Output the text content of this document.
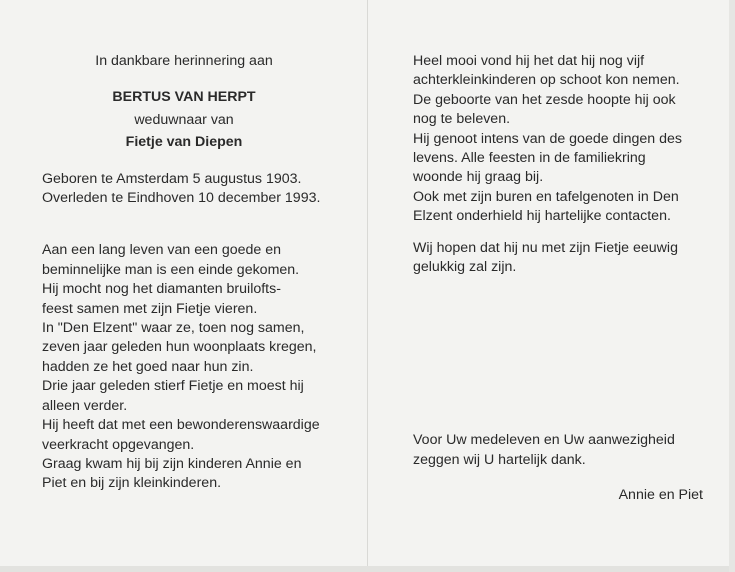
In dankbare herinnering aan
BERTUS VAN HERPT
weduwnaar van
Fietje van Diepen
Geboren te Amsterdam 5 augustus 1903.
Overleden te Eindhoven 10 december 1993.
Aan een lang leven van een goede en
beminnelijke man is een einde gekomen.
Hij mocht nog het diamanten bruilofts-
feest samen met zijn Fietje vieren.
In "Den Elzent" waar ze, toen nog samen,
zeven jaar geleden hun woonplaats kregen,
hadden ze het goed naar hun zin.
Drie jaar geleden stierf Fietje en moest hij
alleen verder.
Hij heeft dat met een bewonderenswaardige
veerkracht opgevangen.
Graag kwam hij bij zijn kinderen Annie en
Piet en bij zijn kleinkinderen.
Heel mooi vond hij het dat hij nog vijf
achterkleinkinderen op schoot kon nemen.
De geboorte van het zesde hoopte hij ook
nog te beleven.
Hij genoot intens van de goede dingen des
levens. Alle feesten in de familiekring
woonde hij graag bij.
Ook met zijn buren en tafelgenoten in Den
Elzent onderhield hij hartelijke contacten.
Wij hopen dat hij nu met zijn Fietje eeuwig
gelukkig zal zijn.
Voor Uw medeleven en Uw aanwezigheid
zeggen wij U hartelijk dank.
Annie en Piet
